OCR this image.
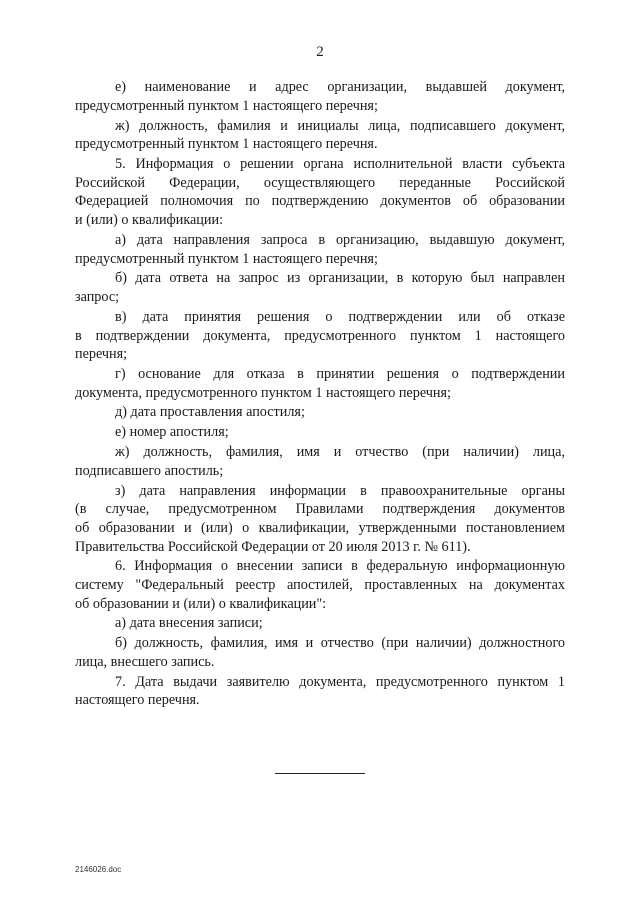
2
е) наименование и адрес организации, выдавшей документ,
предусмотренный пунктом 1 настоящего перечня;
ж) должность, фамилия и инициалы лица, подписавшего документ,
предусмотренный пунктом 1 настоящего перечня.
5. Информация о решении органа исполнительной власти субъекта
Российской Федерации, осуществляющего переданные Российской
Федерацией полномочия по подтверждению документов об образовании
и (или) о квалификации:
а) дата направления запроса в организацию, выдавшую документ,
предусмотренный пунктом 1 настоящего перечня;
б) дата ответа на запрос из организации, в которую был направлен
запрос;
в) дата принятия решения о подтверждении или об отказе
в подтверждении документа, предусмотренного пунктом 1 настоящего
перечня;
г) основание для отказа в принятии решения о подтверждении
документа, предусмотренного пунктом 1 настоящего перечня;
д) дата проставления апостиля;
е) номер апостиля;
ж) должность, фамилия, имя и отчество (при наличии) лица,
подписавшего апостиль;
з) дата направления информации в правоохранительные органы
(в случае, предусмотренном Правилами подтверждения документов
об образовании и (или) о квалификации, утвержденными постановлением
Правительства Российской Федерации от 20 июля 2013 г. № 611).
6. Информация о внесении записи в федеральную информационную
систему "Федеральный реестр апостилей, проставленных на документах
об образовании и (или) о квалификации":
а) дата внесения записи;
б) должность, фамилия, имя и отчество (при наличии) должностного
лица, внесшего запись.
7. Дата выдачи заявителю документа, предусмотренного пунктом 1
настоящего перечня.
2146026.doc
